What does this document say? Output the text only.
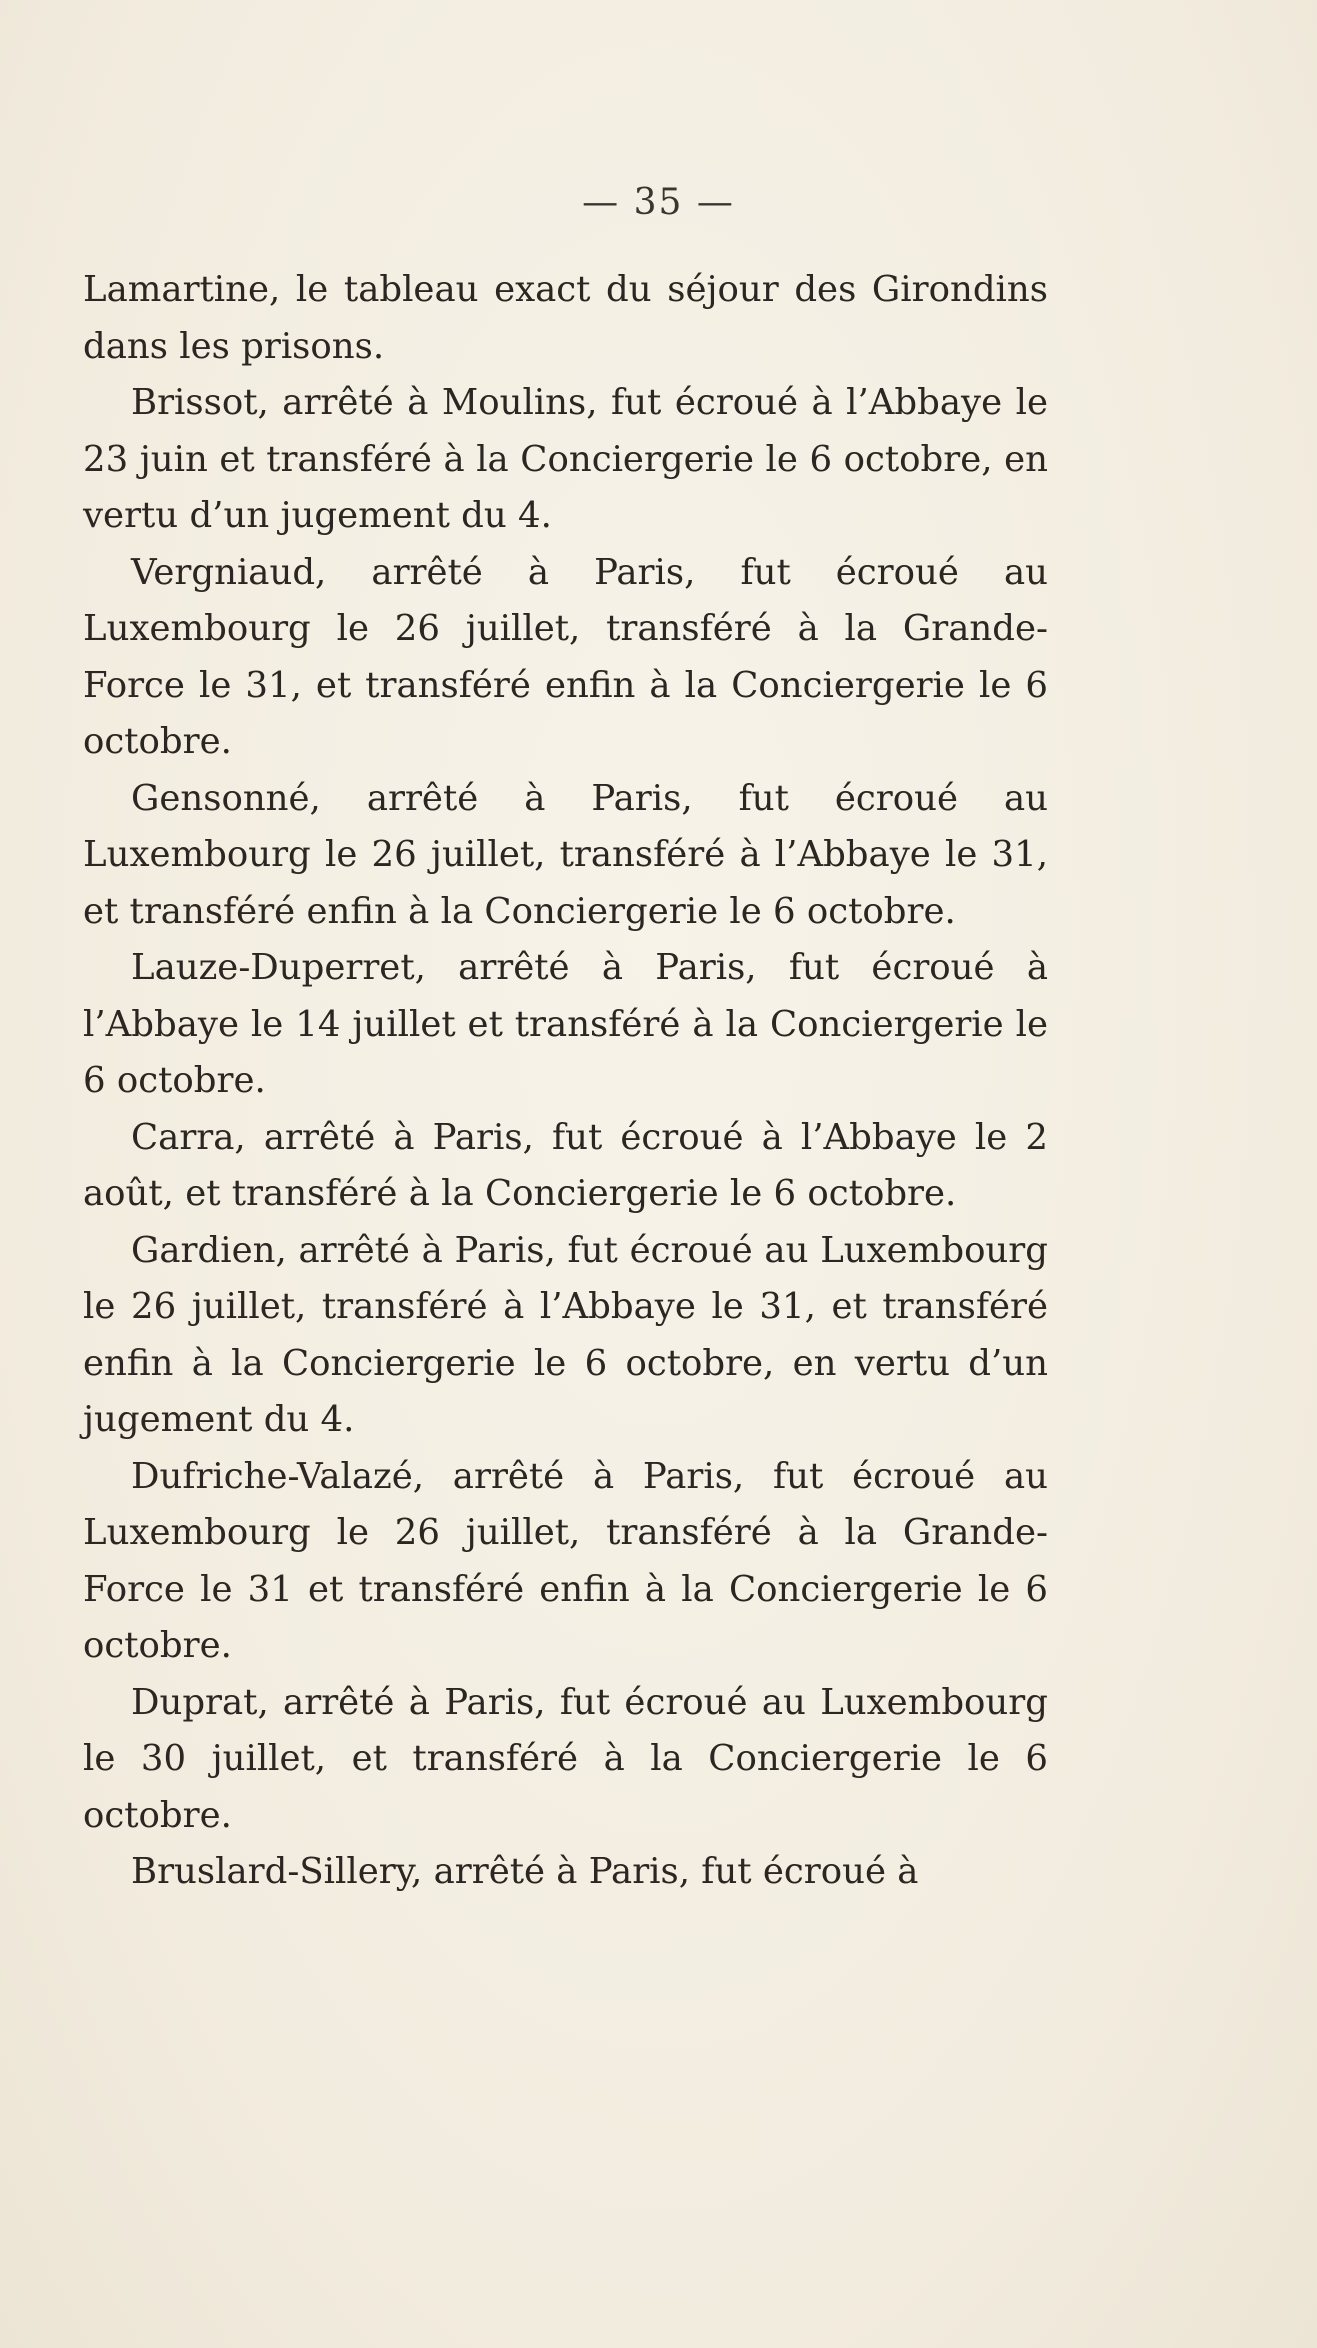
— 35 —

Lamartine, le tableau exact du séjour des Girondins dans les prisons.

Brissot, arrêté à Moulins, fut écroué à l’Abbaye le 23 juin et transféré à la Conciergerie le 6 octobre, en vertu d’un jugement du 4.

Vergniaud, arrêté à Paris, fut écroué au Luxembourg le 26 juillet, transféré à la Grande-Force le 31, et transféré enfin à la Conciergerie le 6 octobre.

Gensonné, arrêté à Paris, fut écroué au Luxembourg le 26 juillet, transféré à l’Abbaye le 31, et transféré enfin à la Conciergerie le 6 octobre.

Lauze-Duperret, arrêté à Paris, fut écroué à l’Abbaye le 14 juillet et transféré à la Conciergerie le 6 octobre.

Carra, arrêté à Paris, fut écroué à l’Abbaye le 2 août, et transféré à la Conciergerie le 6 octobre.

Gardien, arrêté à Paris, fut écroué au Luxembourg le 26 juillet, transféré à l’Abbaye le 31, et transféré enfin à la Conciergerie le 6 octobre, en vertu d’un jugement du 4.

Dufriche-Valazé, arrêté à Paris, fut écroué au Luxembourg le 26 juillet, transféré à la Grande-Force le 31 et transféré enfin à la Conciergerie le 6 octobre.

Duprat, arrêté à Paris, fut écroué au Luxembourg le 30 juillet, et transféré à la Conciergerie le 6 octobre.

Bruslard-Sillery, arrêté à Paris, fut écroué à
